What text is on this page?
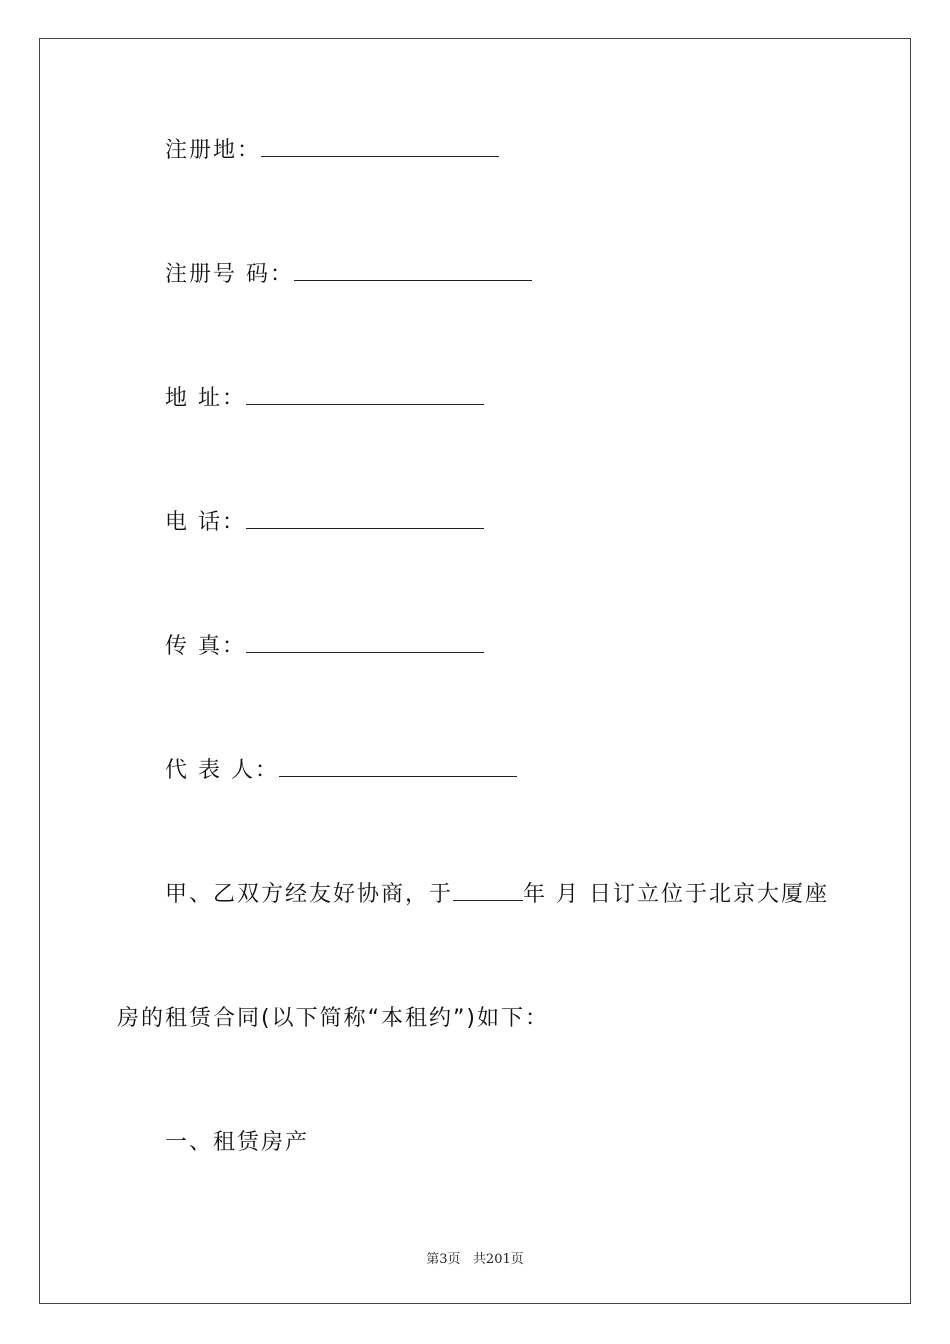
注册地：
注册号 码：
地 址：
电 话：
传 真：
代 表 人：
甲、乙双方经友好协商，于	年 月 日订立位于北京大厦座
房的租赁合同(以下简称“本租约”)如下：
一、租赁房产
第3页   共201页
